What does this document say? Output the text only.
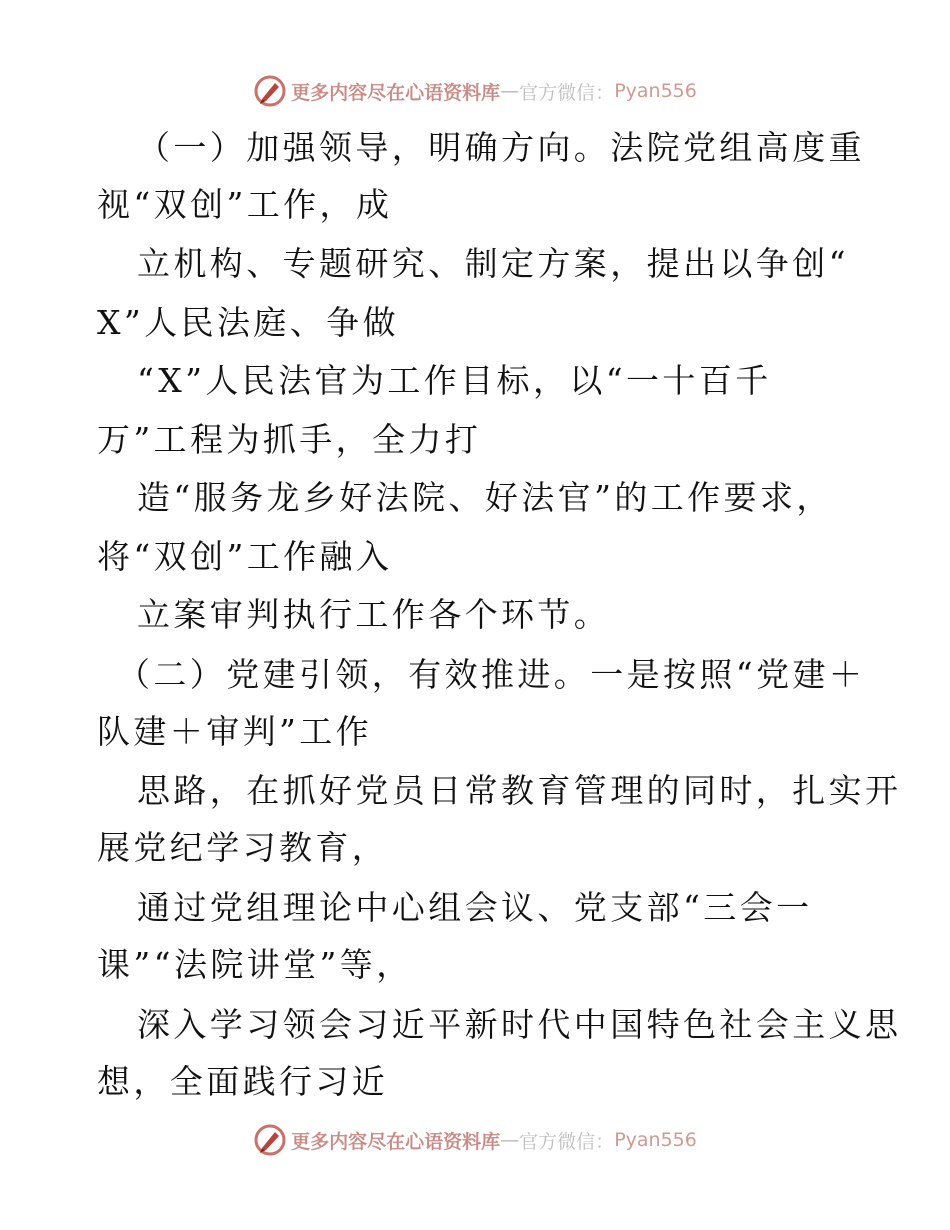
更多内容尽在心语资料库 — 官方微信： Pyan556
（一）加强领导，明确方向。法院党组高度重
视“双创”工作，成
立机构、专题研究、制定方案，提出以争创“
X”人民法庭、争做
“X”人民法官为工作目标，以“一十百千
万”工程为抓手，全力打
造“服务龙乡好法院、好法官”的工作要求，
将“双创”工作融入
立案审判执行工作各个环节。
（二）党建引领，有效推进。一是按照“党建＋
队建＋审判”工作
思路，在抓好党员日常教育管理的同时，扎实开
展党纪学习教育，
通过党组理论中心组会议、党支部“三会一
课”“法院讲堂”等，
深入学习领会习近平新时代中国特色社会主义思
想，全面践行习近
更多内容尽在心语资料库 — 官方微信： Pyan556
